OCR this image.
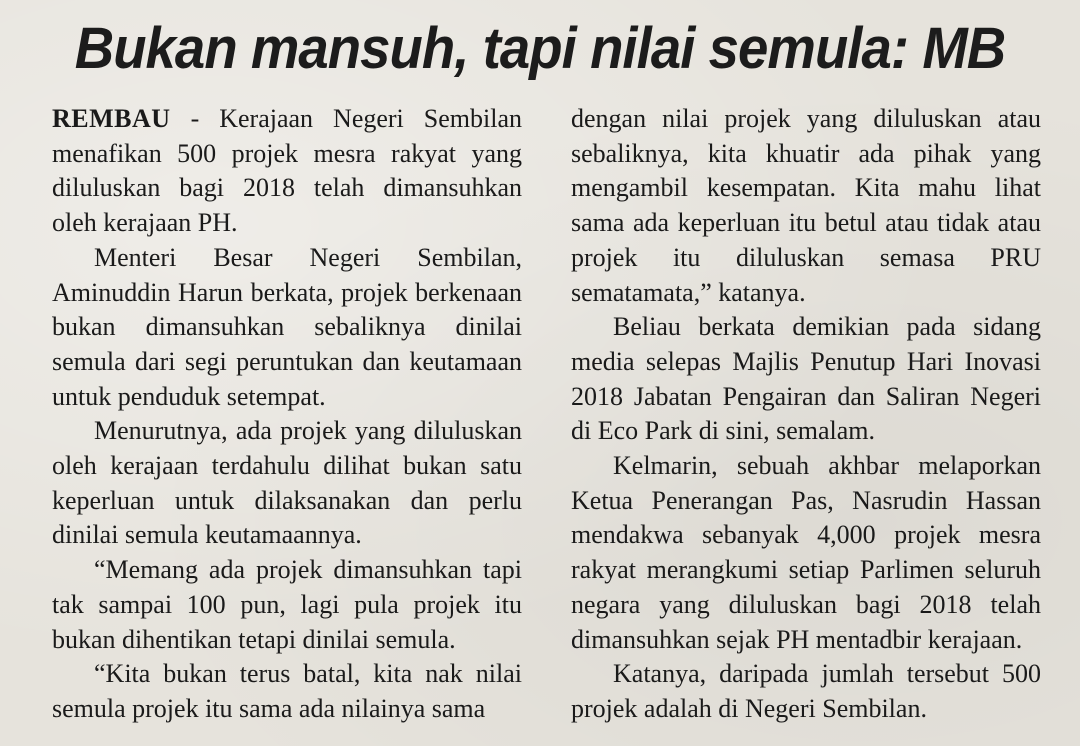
Bukan mansuh, tapi nilai semula: MB

REMBAU - Kerajaan Negeri Sembilan menafikan 500 projek mesra rakyat yang diluluskan bagi 2018 telah dimansuhkan oleh kerajaan PH.

Menteri Besar Negeri Sembilan, Aminuddin Harun berkata, projek berkenaan bukan dimansuhkan sebaliknya dinilai semula dari segi peruntukan dan keutamaan untuk penduduk setempat.

Menurutnya, ada projek yang diluluskan oleh kerajaan terdahulu dilihat bukan satu keperluan untuk dilaksanakan dan perlu dinilai semula keutamaannya.

“Memang ada projek dimansuhkan tapi tak sampai 100 pun, lagi pula projek itu bukan dihentikan tetapi dinilai semula.

“Kita bukan terus batal, kita nak nilai semula projek itu sama ada nilainya sama

dengan nilai projek yang diluluskan atau sebaliknya, kita khuatir ada pihak yang mengambil kesempatan. Kita mahu lihat sama ada keperluan itu betul atau tidak atau projek itu diluluskan semasa PRU sematamata,” katanya.

Beliau berkata demikian pada sidang media selepas Majlis Penutup Hari Inovasi 2018 Jabatan Pengairan dan Saliran Negeri di Eco Park di sini, semalam.

Kelmarin, sebuah akhbar melaporkan Ketua Penerangan Pas, Nasrudin Hassan mendakwa sebanyak 4,000 projek mesra rakyat merangkumi setiap Parlimen seluruh negara yang diluluskan bagi 2018 telah dimansuhkan sejak PH mentadbir kerajaan.

Katanya, daripada jumlah tersebut 500 projek adalah di Negeri Sembilan.
